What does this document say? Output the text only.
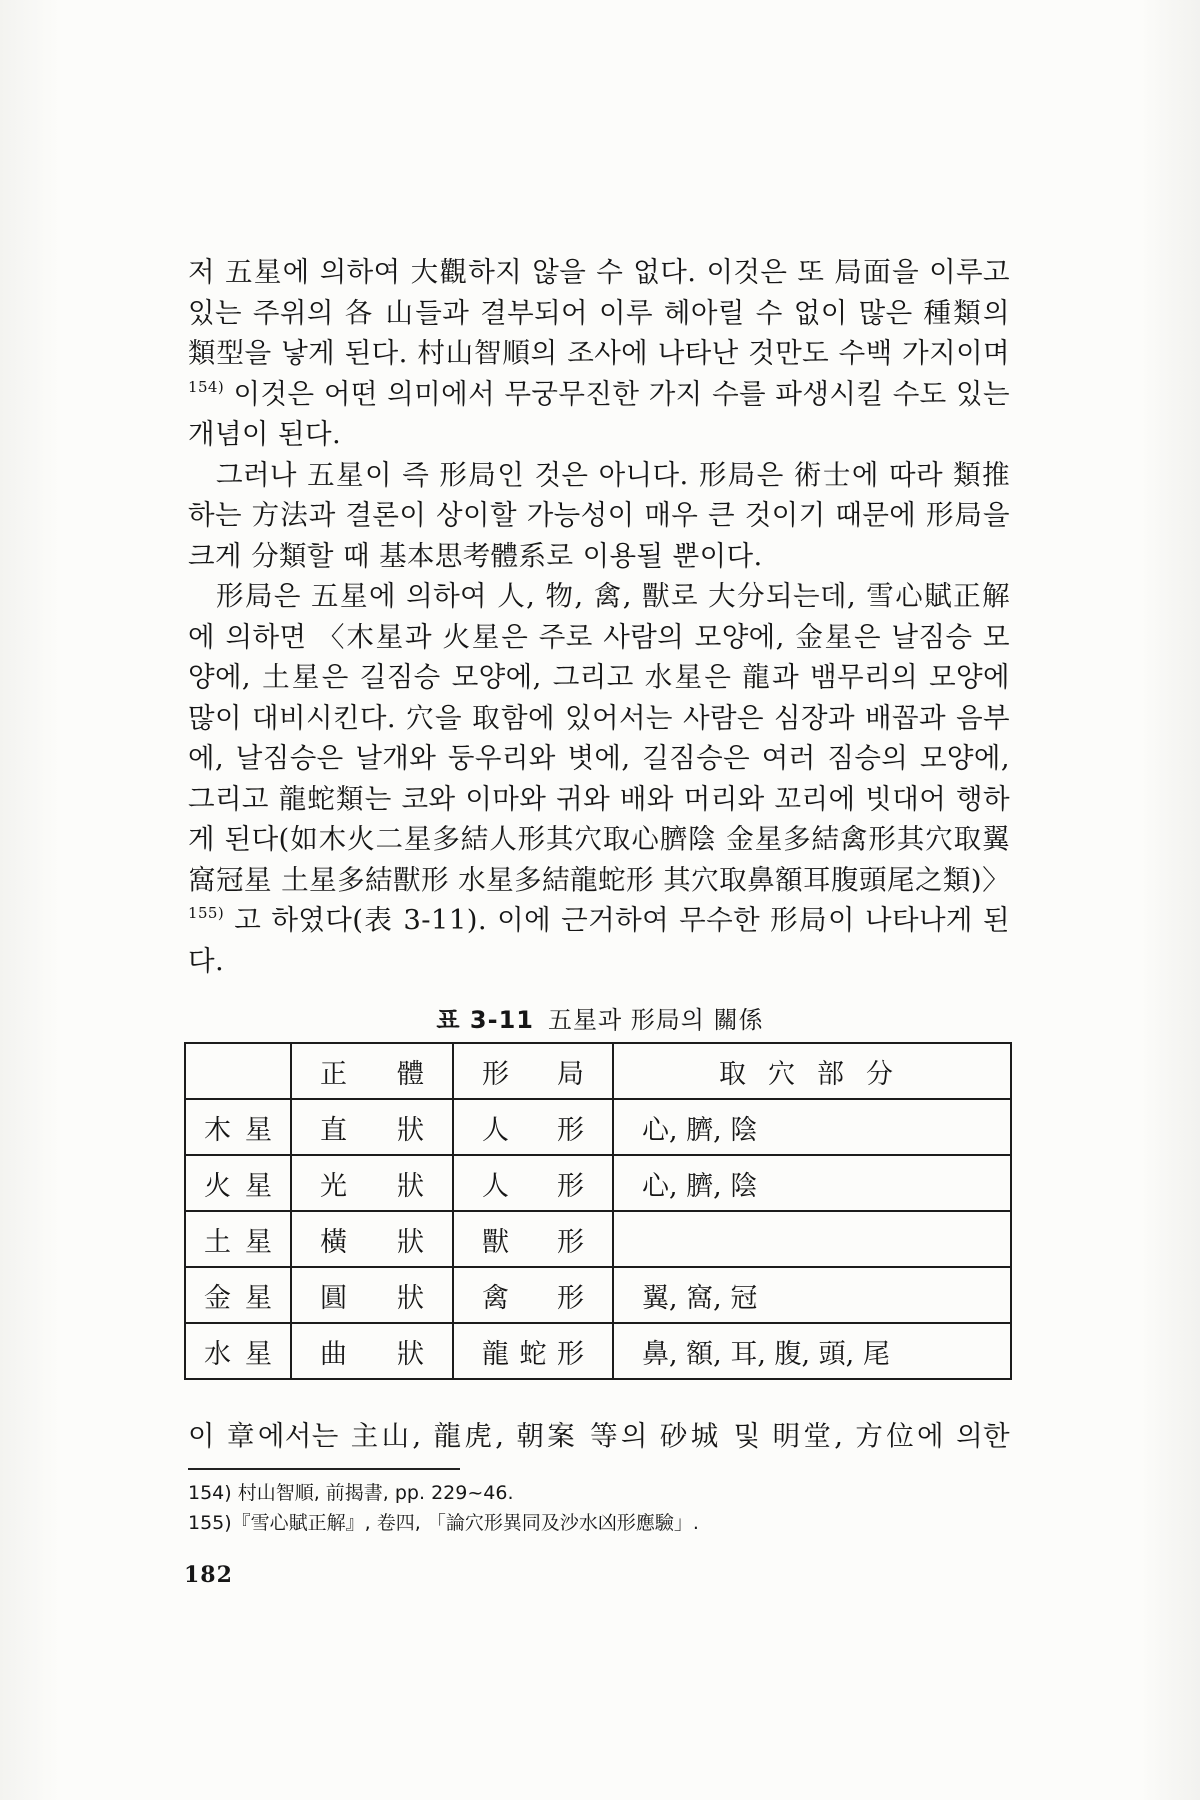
저 五星에 의하여 大觀하지 않을 수 없다. 이것은 또 局面을 이루고 있는 주위의 各 山들과 결부되어 이루 헤아릴 수 없이 많은 種類의 類型을 낳게 된다. 村山智順의 조사에 나타난 것만도 수백 가지이며$^{154)}$ 이것은 어떤 의미에서 무궁무진한 가지 수를 파생시킬 수도 있는 개념이 된다.

그러나 五星이 즉 形局인 것은 아니다. 形局은 術士에 따라 類推하는 方法과 결론이 상이할 가능성이 매우 큰 것이기 때문에 形局을 크게 分類할 때 基本思考體系로 이용될 뿐이다.

形局은 五星에 의하여 人, 物, 禽, 獸로 大分되는데, 雪心賦正解에 의하면 〈木星과 火星은 주로 사람의 모양에, 金星은 날짐승 모양에, 土星은 길짐승 모양에, 그리고 水星은 龍과 뱀무리의 모양에 많이 대비시킨다. 穴을 取함에 있어서는 사람은 심장과 배꼽과 음부에, 날짐승은 날개와 둥우리와 볏에, 길짐승은 여러 짐승의 모양에, 그리고 龍蛇類는 코와 이마와 귀와 배와 머리와 꼬리에 빗대어 행하게 된다(如木火二星多結人形其穴取心臍陰 金星多結禽形其穴取翼窩冠星 土星多結獸形 水星多結龍蛇形 其穴取鼻額耳腹頭尾之類)〉$^{155)}$ 고 하였다(表 3-11). 이에 근거하여 무수한 形局이 나타나게 된다.

표 3-11 五星과 形局의 關係
	正 體	形 局	取穴部分
木 星	直 狀	人 形	心, 臍, 陰
火 星	光 狀	人 形	心, 臍, 陰
土 星	橫 狀	獸 形	
金 星	圓 狀	禽 形	翼, 窩, 冠
水 星	曲 狀	龍 蛇 形	鼻, 額, 耳, 腹, 頭, 尾
이 章에서는 主山, 龍虎, 朝案 等의 砂城 및 明堂, 方位에 의한
154) 村山智順, 前揭書, pp. 229~46.
155)『雪心賦正解』, 卷四, 「論穴形異同及沙水凶形應驗」.
182
